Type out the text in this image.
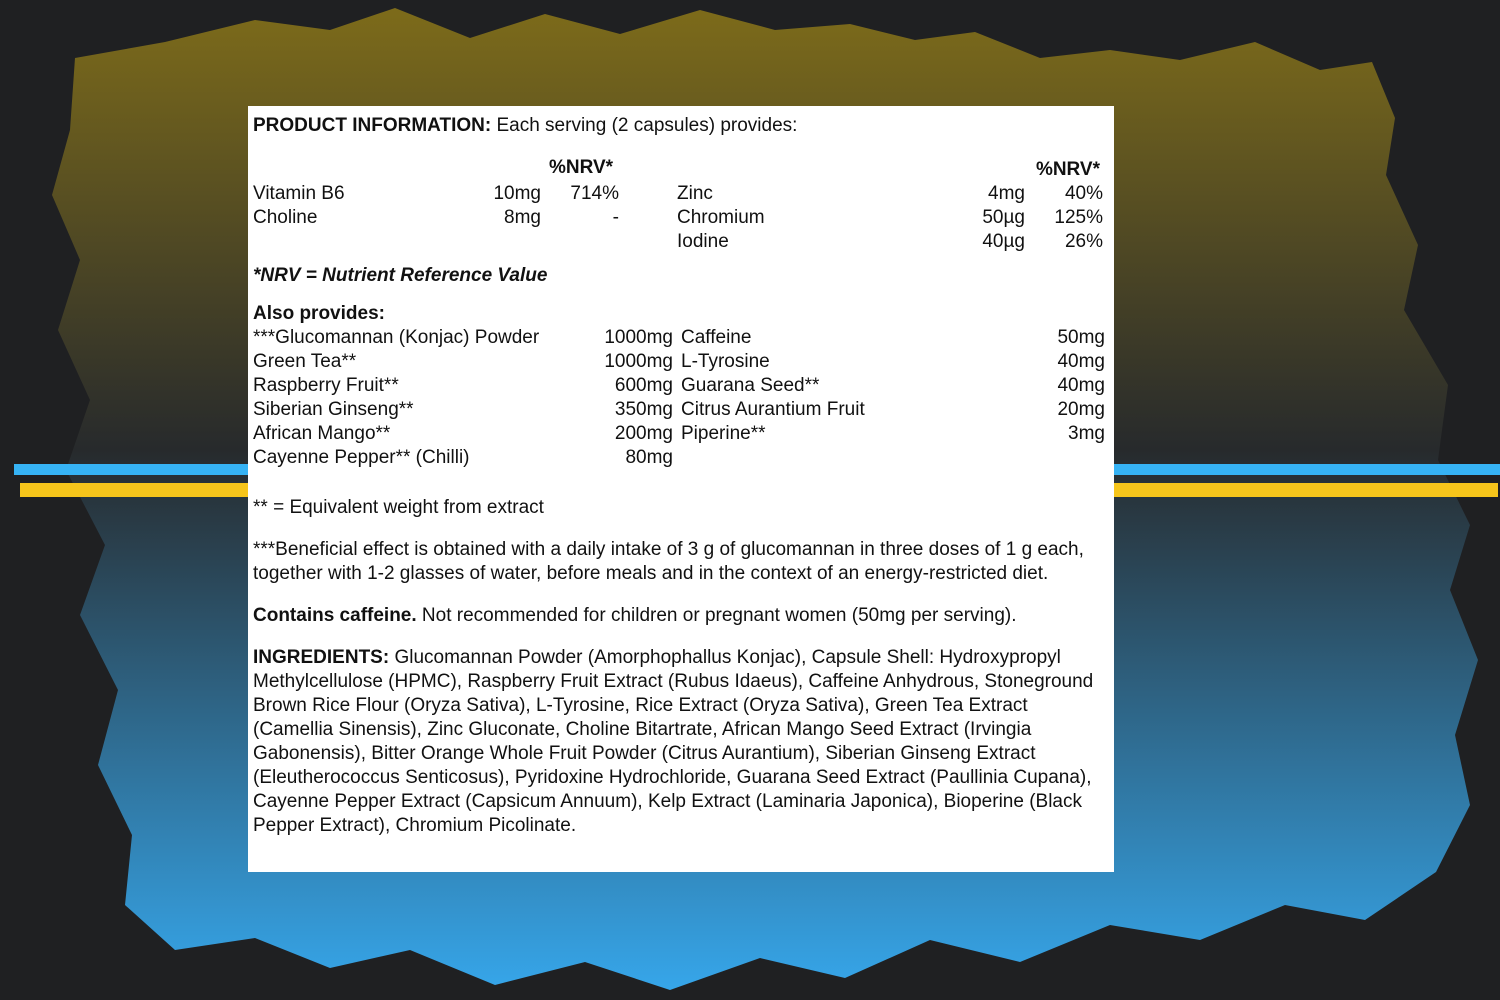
PRODUCT INFORMATION: Each serving (2 capsules) provides:
%NRV*	%NRV*
Vitamin B6	10mg 714%	Zinc	4mg 40%
Choline	8mg	-	Chromium	50µg 125%
Iodine	40µg 26%
*NRV = Nutrient Reference Value
Also provides:
***Glucomannan (Konjac) Powder	1000mg Caffeine	50mg
Green Tea**	1000mg L-Tyrosine	40mg
Raspberry Fruit**	600mg Guarana Seed**	40mg
Siberian Ginseng**	350mg Citrus Aurantium Fruit	20mg
African Mango**	200mg Piperine**	3mg
Cayenne Pepper** (Chilli)	80mg
** = Equivalent weight from extract

***Beneficial effect is obtained with a daily intake of 3 g of glucomannan in three doses of 1 g each, together with 1-2 glasses of water, before meals and in the context of an energy-restricted diet.

Contains caffeine. Not recommended for children or pregnant women (50mg per serving).

INGREDIENTS: Glucomannan Powder (Amorphophallus Konjac), Capsule Shell: Hydroxypropyl Methylcellulose (HPMC), Raspberry Fruit Extract (Rubus Idaeus), Caffeine Anhydrous, Stoneground Brown Rice Flour (Oryza Sativa), L-Tyrosine, Rice Extract (Oryza Sativa), Green Tea Extract (Camellia Sinensis), Zinc Gluconate, Choline Bitartrate, African Mango Seed Extract (Irvingia Gabonensis), Bitter Orange Whole Fruit Powder (Citrus Aurantium), Siberian Ginseng Extract (Eleutherococcus Senticosus), Pyridoxine Hydrochloride, Guarana Seed Extract (Paullinia Cupana), Cayenne Pepper Extract (Capsicum Annuum), Kelp Extract (Laminaria Japonica), Bioperine (Black Pepper Extract), Chromium Picolinate.
